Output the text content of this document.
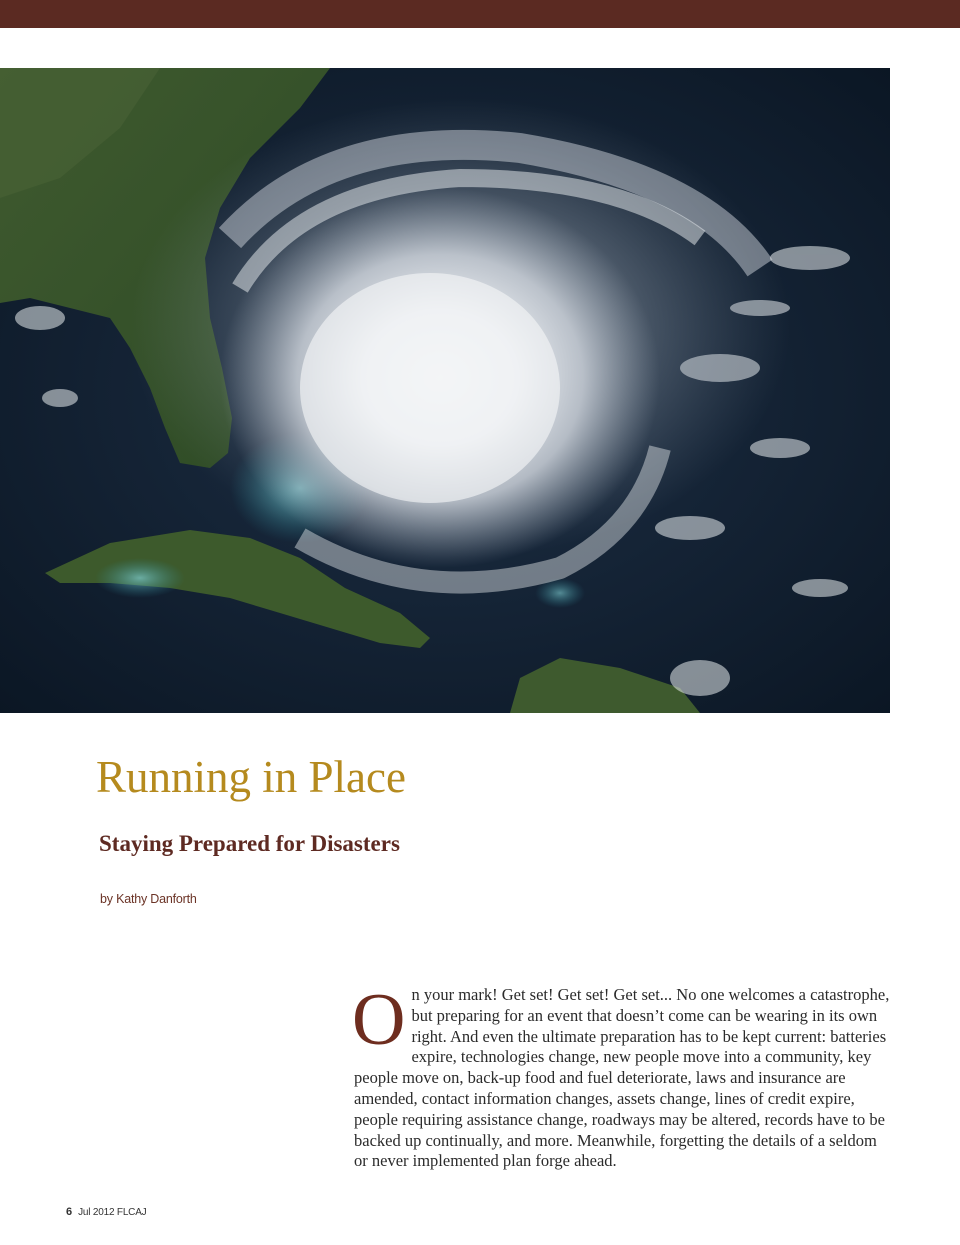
Running in Place
Staying Prepared for Disasters
by Kathy Danforth

On your mark! Get set! Get set! Get set... No one welcomes a catastrophe, but preparing for an event that doesn’t come can be wearing in its own right. And even the ultimate preparation has to be kept current: batteries expire, technologies change, new people move into a community, key people move on, back-up food and fuel deteriorate, laws and insurance are amended, contact information changes, assets change, lines of credit expire, people requiring assistance change, roadways may be altered, records have to be backed up continually, and more. Meanwhile, forgetting the details of a seldom or never implemented plan forge ahead.

6 Jul 2012 FLCAJ
